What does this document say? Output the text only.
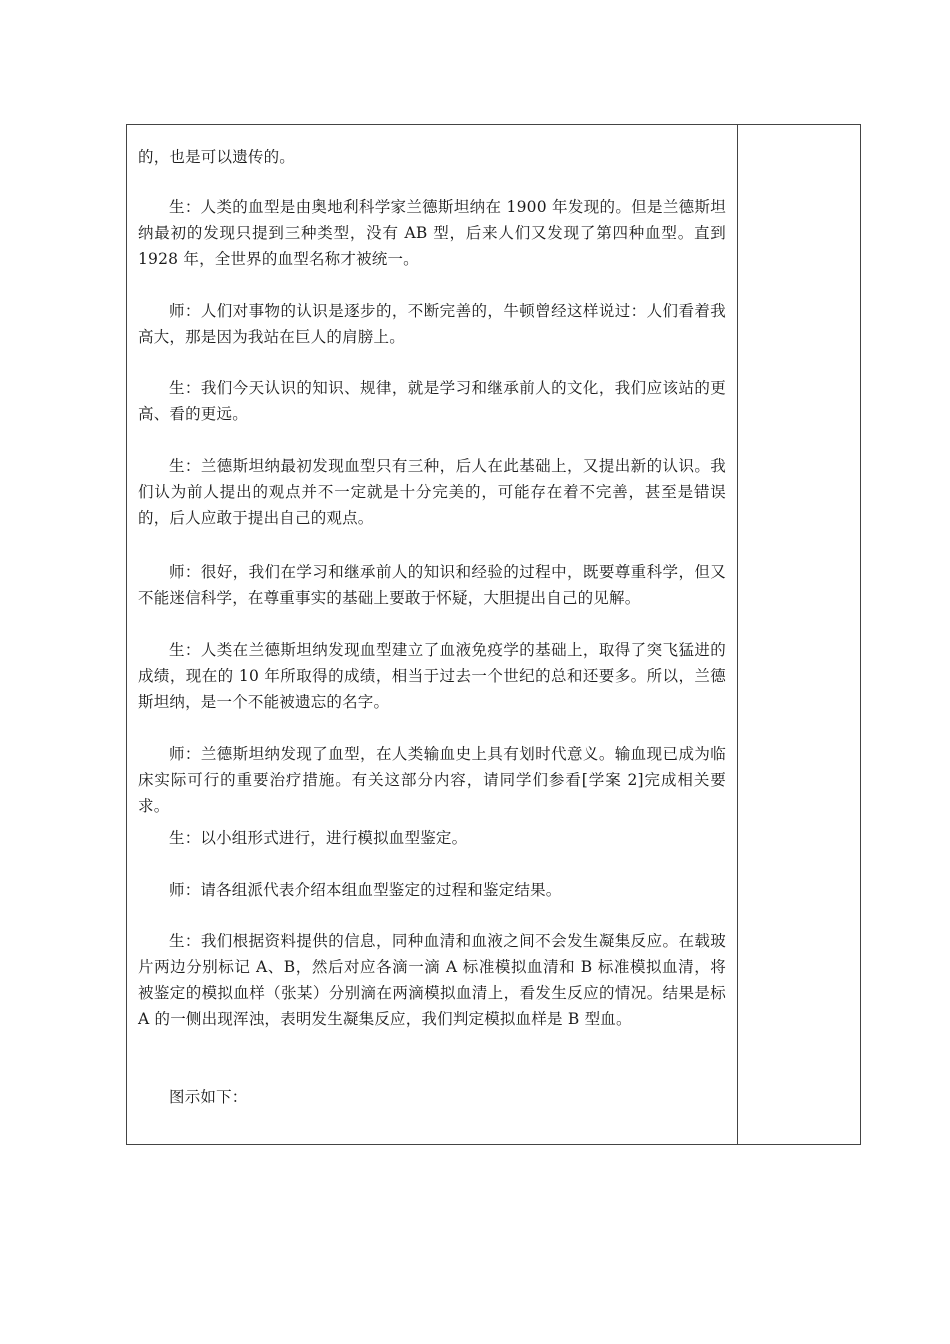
的，也是可以遗传的。

生：人类的血型是由奥地利科学家兰德斯坦纳在 1900 年发现的。但是兰德斯坦纳最初的发现只提到三种类型，没有 AB 型，后来人们又发现了第四种血型。直到 1928 年，全世界的血型名称才被统一。

师：人们对事物的认识是逐步的，不断完善的，牛顿曾经这样说过：人们看着我高大，那是因为我站在巨人的肩膀上。

生：我们今天认识的知识、规律，就是学习和继承前人的文化，我们应该站的更高、看的更远。

生：兰德斯坦纳最初发现血型只有三种，后人在此基础上，又提出新的认识。我们认为前人提出的观点并不一定就是十分完美的，可能存在着不完善，甚至是错误的，后人应敢于提出自己的观点。

师：很好，我们在学习和继承前人的知识和经验的过程中，既要尊重科学，但又不能迷信科学，在尊重事实的基础上要敢于怀疑，大胆提出自己的见解。

生：人类在兰德斯坦纳发现血型建立了血液免疫学的基础上，取得了突飞猛进的成绩，现在的 10 年所取得的成绩，相当于过去一个世纪的总和还要多。所以，兰德斯坦纳，是一个不能被遗忘的名字。

师：兰德斯坦纳发现了血型，在人类输血史上具有划时代意义。输血现已成为临床实际可行的重要治疗措施。有关这部分内容，请同学们参看[学案 2]完成相关要求。

生：以小组形式进行，进行模拟血型鉴定。

师：请各组派代表介绍本组血型鉴定的过程和鉴定结果。

生：我们根据资料提供的信息，同种血清和血液之间不会发生凝集反应。在载玻片两边分别标记 A、B，然后对应各滴一滴 A 标准模拟血清和 B 标准模拟血清，将被鉴定的模拟血样（张某）分别滴在两滴模拟血清上，看发生反应的情况。结果是标 A 的一侧出现浑浊，表明发生凝集反应，我们判定模拟血样是 B 型血。

图示如下：
